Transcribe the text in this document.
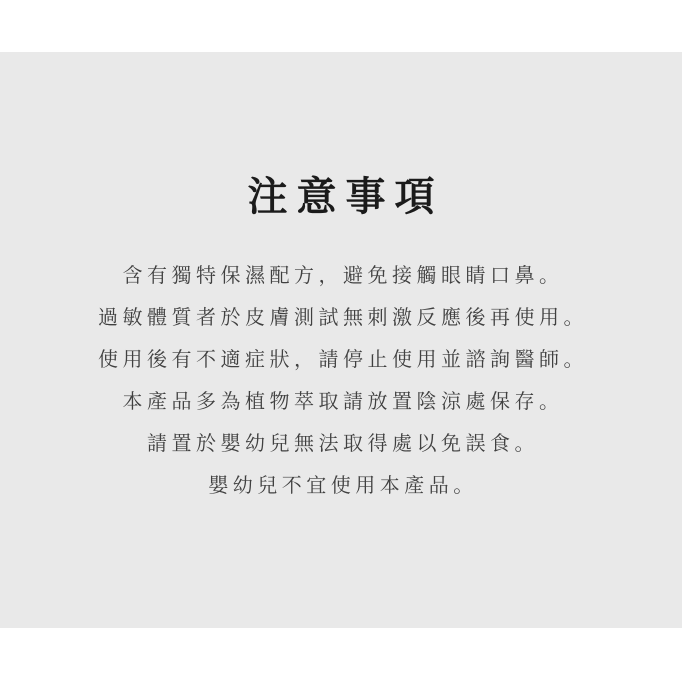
注意事項

含有獨特保濕配方，避免接觸眼睛口鼻。

過敏體質者於皮膚測試無刺激反應後再使用。

使用後有不適症狀，請停止使用並諮詢醫師。

本產品多為植物萃取請放置陰涼處保存。

請置於嬰幼兒無法取得處以免誤食。

嬰幼兒不宜使用本產品。
